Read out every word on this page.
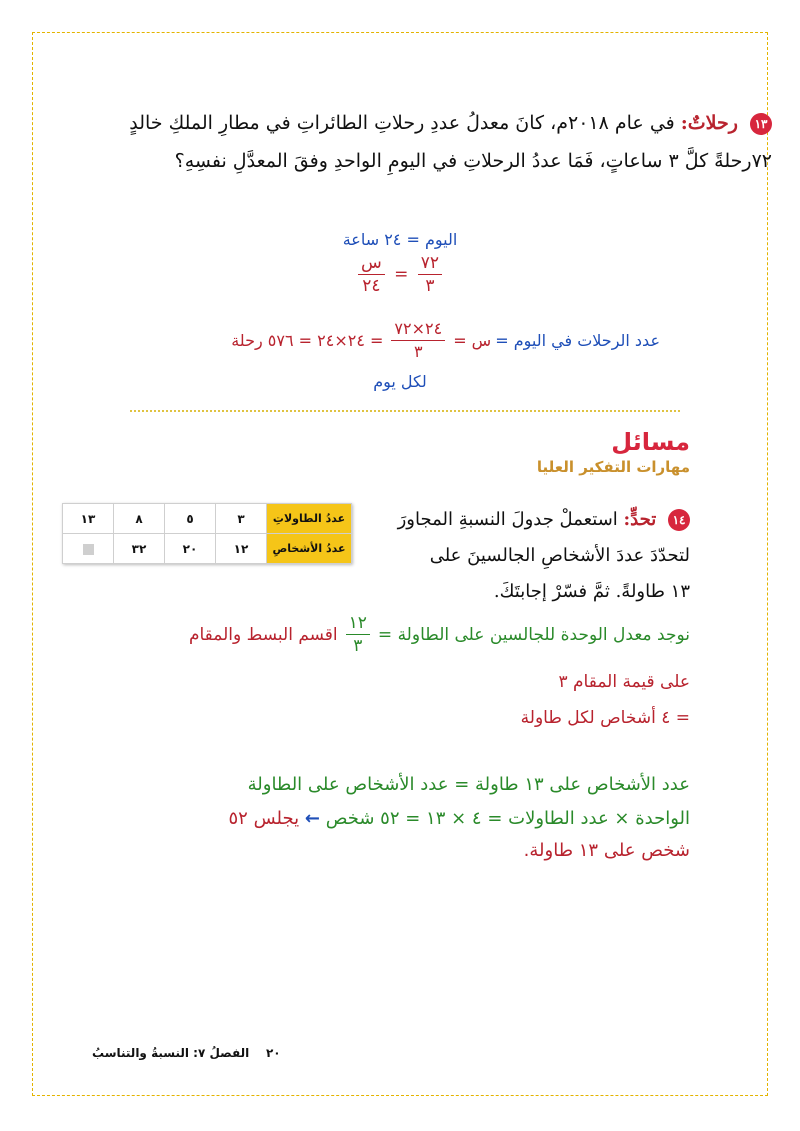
١٣ رحلاتٌ: في عام ٢٠١٨م، كانَ معدلُ عددِ رحلاتِ الطائراتِ في مطارِ الملكِ خالدٍ
٧٢رحلةً كلَّ ٣ ساعاتٍ، فَمَا عددُ الرحلاتِ في اليومِ الواحدِ وفقَ المعدَّلِ نفسِهِ؟
اليوم = ٢٤ ساعة
$\frac{\text{س}}{٢٤} = \frac{٧٢}{٣}$
عدد الرحلات في اليوم =
س =
$\frac{٢٤\times ٧٢}{٣}$
= ٢٤×٢٤ = ٥٧٦ رحلة
لكل يوم
مسائل
مهارات التفكير العليا
عددُ الطاولاتِ	٣	٥	٨	١٣
عددُ الأشخاصِ	١٢	٢٠	٣٢	
١٤ تحدٍّ: استعملْ جدولَ النسبةِ المجاورَ
لتحدّدَ عددَ الأشخاصِ الجالسينَ على
١٣ طاولةً. ثمَّ فسّرْ إجابتَكَ.
نوجد معدل الوحدة للجالسين على الطاولة =
$\frac{١٢}{٣}$
اقسم البسط والمقام
على قيمة المقام ٣
= ٤ أشخاص لكل طاولة
عدد الأشخاص على ١٣ طاولة = عدد الأشخاص على الطاولة
الواحدة × عدد الطاولات = ٤ × ١٣ = ٥٢ شخص ← يجلس ٥٢
شخص على ١٣ طاولة.
٢٠    الفصلُ ٧: النسبةُ والتناسبُ
